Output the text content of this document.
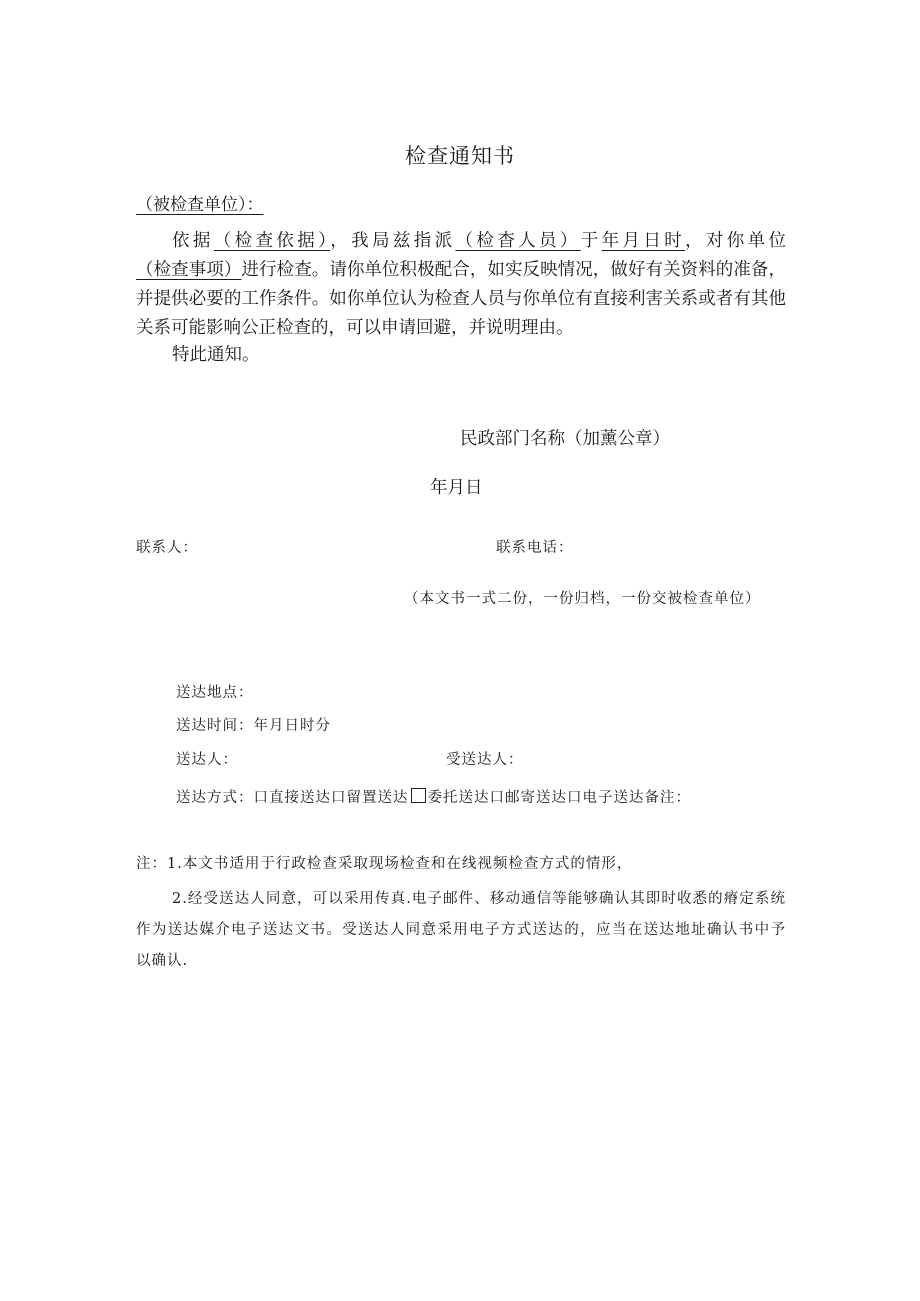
检查通知书
（被检查单位）：
依据（检查依据），我局兹指派（检杳人员）于年月日时，对你单位（检查事项）进行检查。请你单位积极配合，如实反映情况，做好有关资料的准备，并提供必要的工作条件。如你单位认为检查人员与你单位有直接利害关系或者有其他关系可能影响公正检查的，可以申请回避，并说明理由。
特此通知。
民政部门名称（加薰公章）
年月日
联系人：	联系电话：
（本文书一式二份，一份归档，一份交被检查单位）
送达地点：
送达时间：年月日时分
送达人：	受送达人：
送达方式：口直接送达口留置送达 委托送达口邮寄送达口电子送达备注：
注：1.本文书适用于行政检查采取现场检查和在线视频检查方式的情形，
2.经受送达人同意，可以采用传真.电子邮件、移动通信等能够确认其即时收悉的瘠定系统作为送达媒介电子送达文书。受送达人同意采用电子方式送达的，应当在送达地址确认书中予以确认.
